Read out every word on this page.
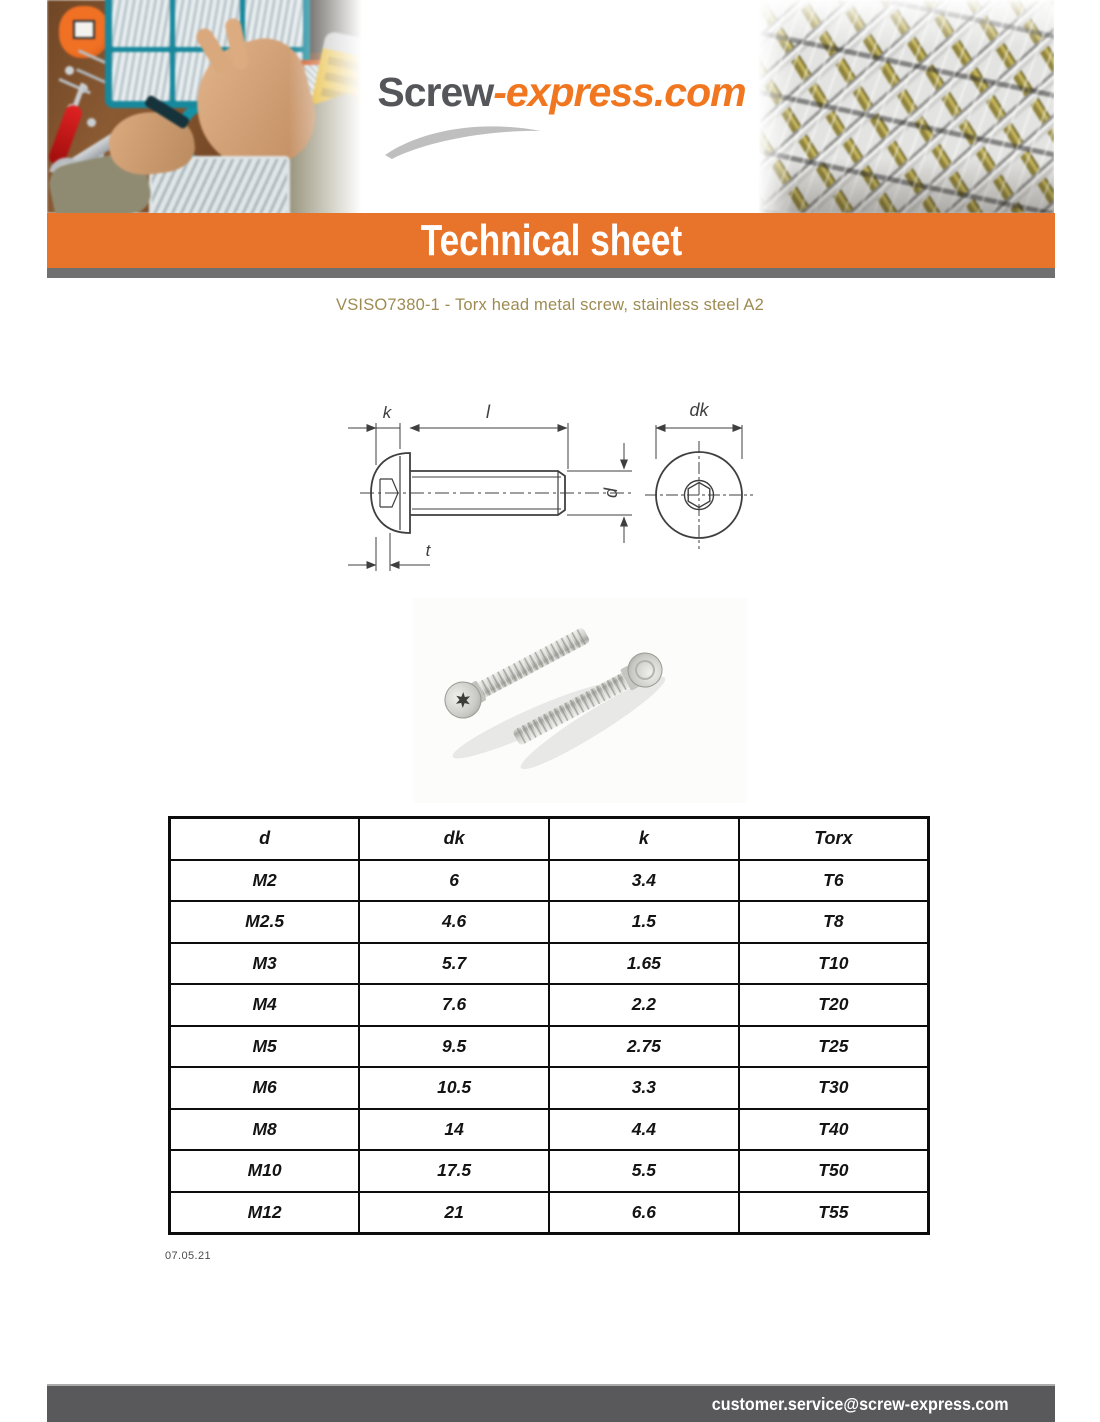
Screw -express.com
Technical sheet
VSISO7380-1 - Torx head metal screw, stainless steel A2
k	l
d
t
dk
d	dk	k	Torx
M2	6	3.4	T6
M2.5	4.6	1.5	T8
M3	5.7	1.65	T10
M4	7.6	2.2	T20
M5	9.5	2.75	T25
M6	10.5	3.3	T30
M8	14	4.4	T40
M10	17.5	5.5	T50
M12	21	6.6	T55
07.05.21
customer.service@screw-express.com
